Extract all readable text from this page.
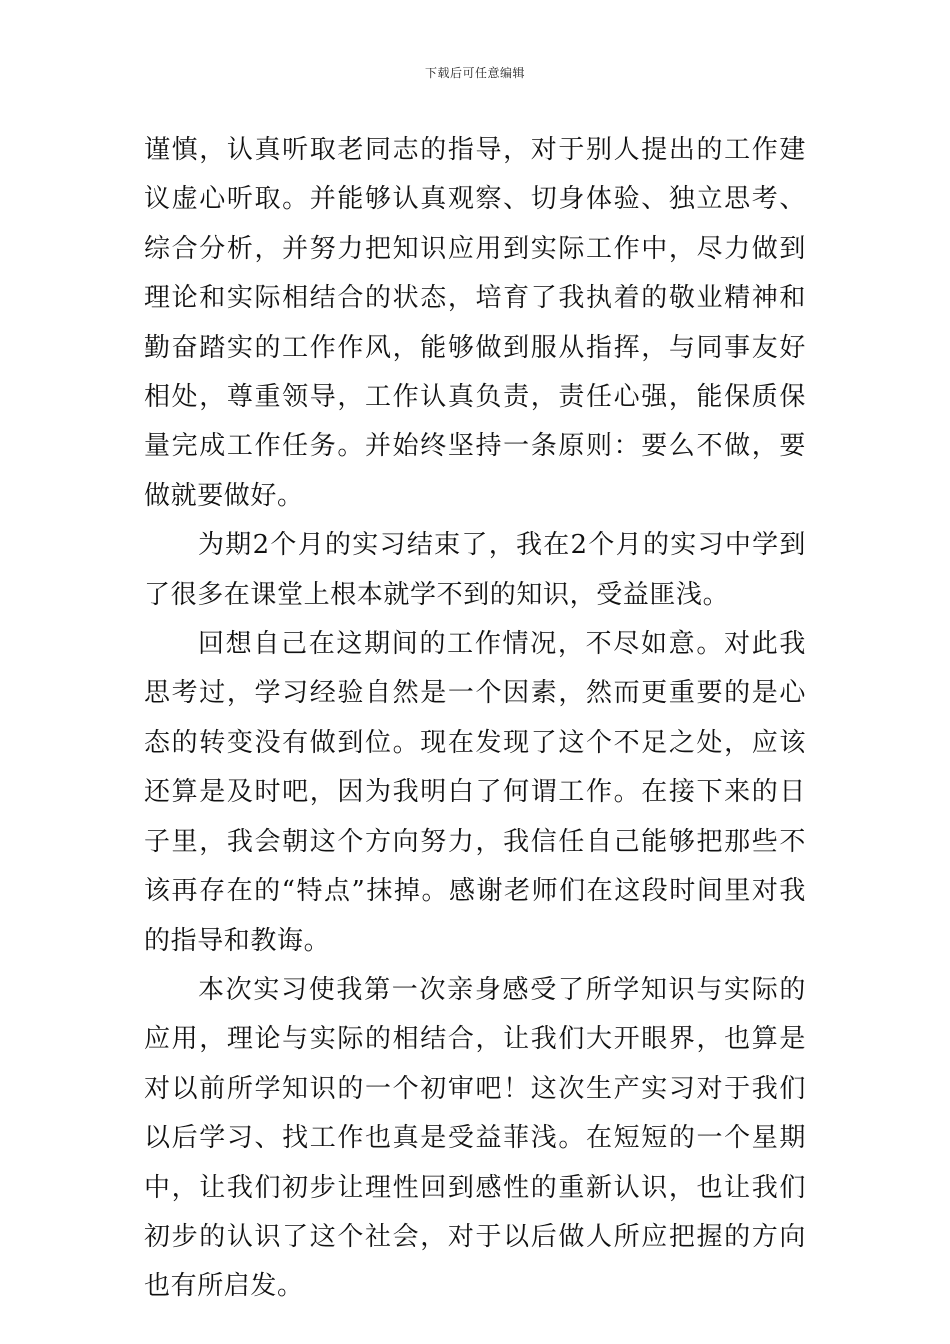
下载后可任意编辑

谨慎，认真听取老同志的指导，对于别人提出的工作建议虚心听取。并能够认真观察、切身体验、独立思考、综合分析，并努力把知识应用到实际工作中，尽力做到理论和实际相结合的状态，培育了我执着的敬业精神和勤奋踏实的工作作风，能够做到服从指挥，与同事友好相处，尊重领导，工作认真负责，责任心强，能保质保量完成工作任务。并始终坚持一条原则：要么不做，要做就要做好。

为期2个月的实习结束了，我在2个月的实习中学到了很多在课堂上根本就学不到的知识，受益匪浅。

回想自己在这期间的工作情况，不尽如意。对此我思考过，学习经验自然是一个因素，然而更重要的是心态的转变没有做到位。现在发现了这个不足之处，应该还算是及时吧，因为我明白了何谓工作。在接下来的日子里，我会朝这个方向努力，我信任自己能够把那些不该再存在的“特点”抹掉。感谢老师们在这段时间里对我的指导和教诲。

本次实习使我第一次亲身感受了所学知识与实际的应用，理论与实际的相结合，让我们大开眼界，也算是对以前所学知识的一个初审吧！这次生产实习对于我们以后学习、找工作也真是受益菲浅。在短短的一个星期中，让我们初步让理性回到感性的重新认识，也让我们初步的认识了这个社会，对于以后做人所应把握的方向也有所启发。
